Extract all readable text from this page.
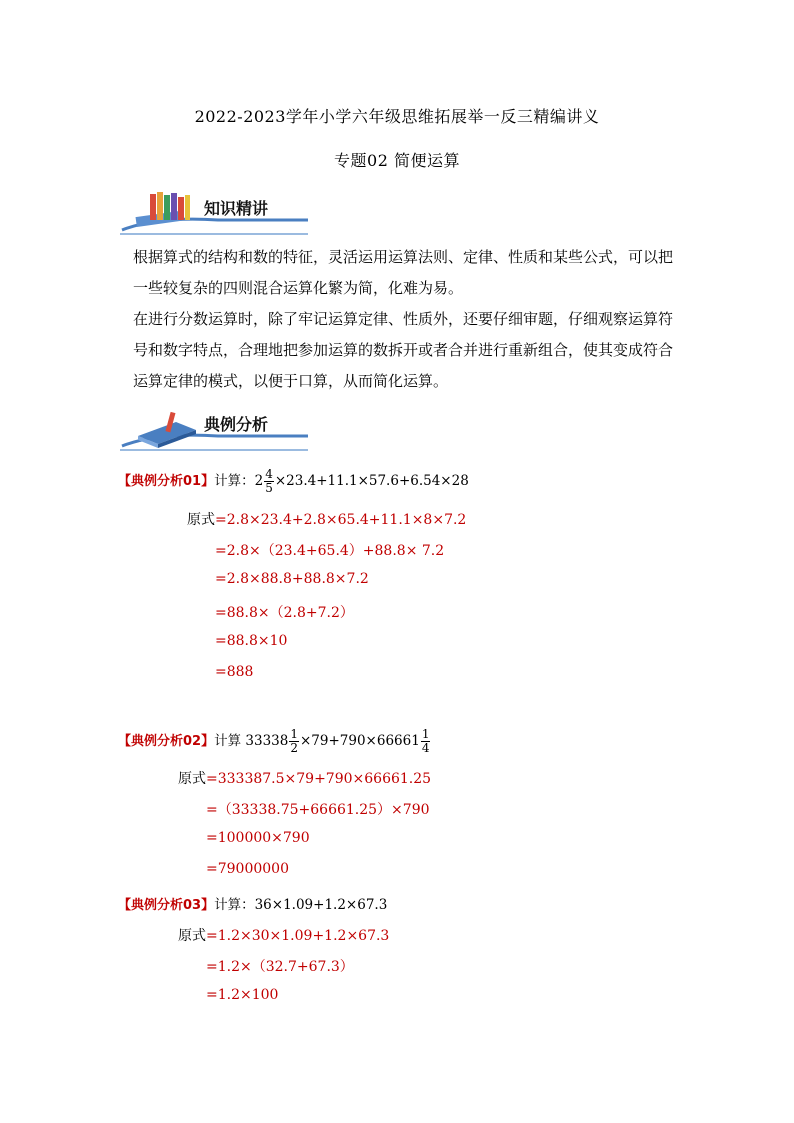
2022-2023学年小学六年级思维拓展举一反三精编讲义
专题02 简便运算
知识精讲

根据算式的结构和数的特征，灵活运用运算法则、定律、性质和某些公式，可以把一些较复杂的四则混合运算化繁为简，化难为易。

在进行分数运算时，除了牢记运算定律、性质外，还要仔细审题，仔细观察运算符号和数字特点，合理地把参加运算的数拆开或者合并进行重新组合，使其变成符合运算定律的模式，以便于口算，从而简化运算。

典例分析
【典例分析01】计算：$2 \frac{4}{5} \times 23.4+11.1\times 57.6+6.54\times 28$
原式=2.8×23.4+2.8×65.4+11.1×8×7.2
=2.8×（23.4+65.4）+88.8× 7.2
=2.8×88.8+88.8×7.2
=88.8×（2.8+7.2）
=88.8×10
=888
【典例分析02】计算 $33338 \frac{1}{2} \times 79+790\times 66661 \frac{1}{4}$
原式=333387.5×79+790×66661.25
=（33338.75+66661.25）×790
=100000×790
=79000000
【典例分析03】计算：36×1.09+1.2×67.3
原式=1.2×30×1.09+1.2×67.3
=1.2×（32.7+67.3）
=1.2×100
